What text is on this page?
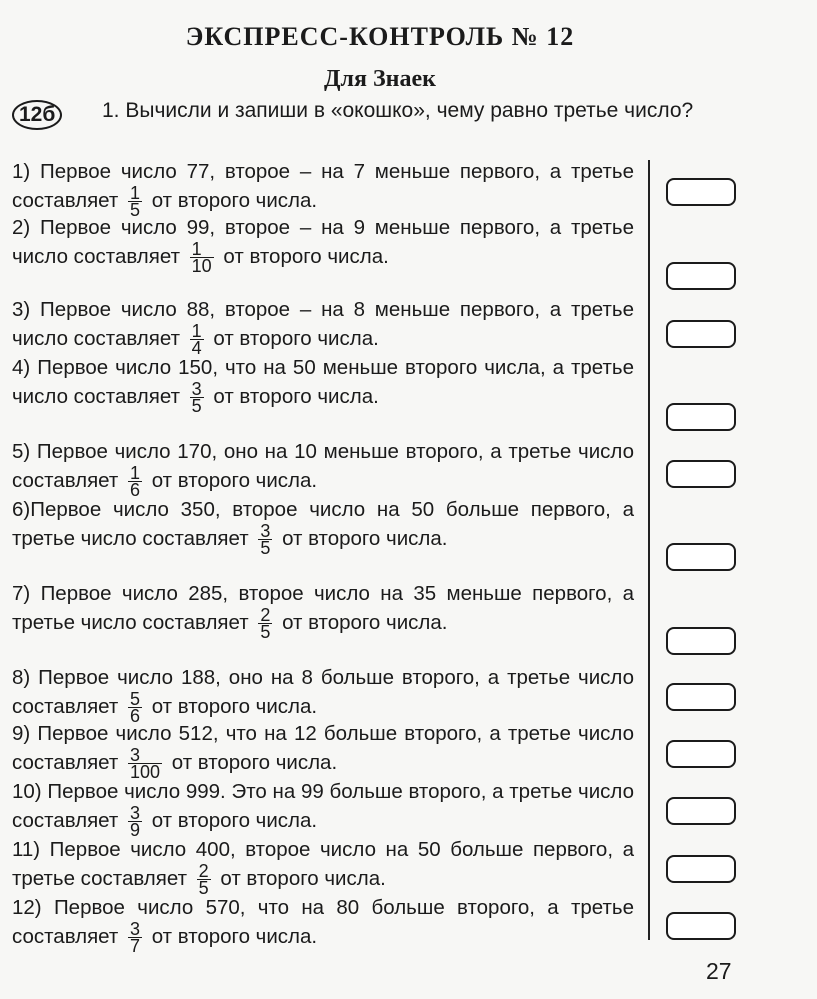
ЭКСПРЕСС-КОНТРОЛЬ № 12
Для Знаек
12б	1. Вычисли и запиши в «окошко», чему равно третье число?
1) Первое число 77, второе – на 7 меньше первого, а третье составляет $\frac{1}{5}$ от второго числа.
2) Первое число 99, второе – на 9 меньше первого, а третье число составляет $\frac{1}{10}$ от второго числа.
3) Первое число 88, второе – на 8 меньше первого, а третье число составляет $\frac{1}{4}$ от второго числа.
4) Первое число 150, что на 50 меньше второго числа, а третье число составляет $\frac{3}{5}$ от второго числа.
5) Первое число 170, оно на 10 меньше второго, а третье число составляет $\frac{1}{6}$ от второго числа.
6)Первое число 350, второе число на 50 больше первого, а третье число составляет $\frac{3}{5}$ от второго числа.
7) Первое число 285, второе число на 35 меньше первого, а третье число составляет $\frac{2}{5}$ от второго числа.
8) Первое число 188, оно на 8 больше второго, а третье число составляет $\frac{5}{6}$ от второго числа.
9) Первое число 512, что на 12 больше второго, а третье число составляет $\frac{3}{100}$ от второго числа.
10) Первое число 999. Это на 99 больше второго, а третье число составляет $\frac{3}{9}$ от второго числа.
11) Первое число 400, второе число на 50 больше первого, а третье составляет $\frac{2}{5}$ от второго числа.
12) Первое число 570, что на 80 больше второго, а третье составляет $\frac{3}{7}$ от второго числа.
27
